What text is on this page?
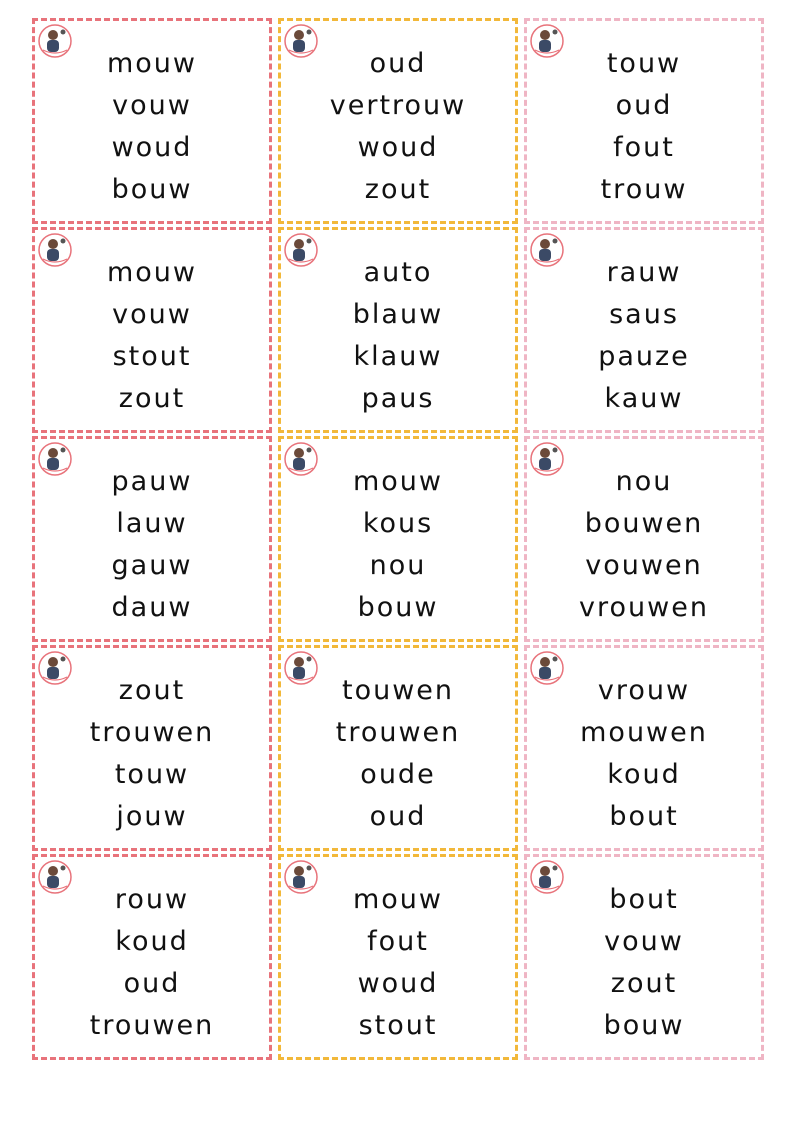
mouw
vouw
woud
bouw
oud
vertrouw
woud
zout
touw
oud
fout
trouw
mouw
vouw
stout
zout
auto
blauw
klauw
paus
rauw
saus
pauze
kauw
pauw
lauw
gauw
dauw
mouw
kous
nou
bouw
nou
bouwen
vouwen
vrouwen
zout
trouwen
touw
jouw
touwen
trouwen
oude
oud
vrouw
mouwen
koud
bout
rouw
koud
oud
trouwen
mouw
fout
woud
stout
bout
vouw
zout
bouw
